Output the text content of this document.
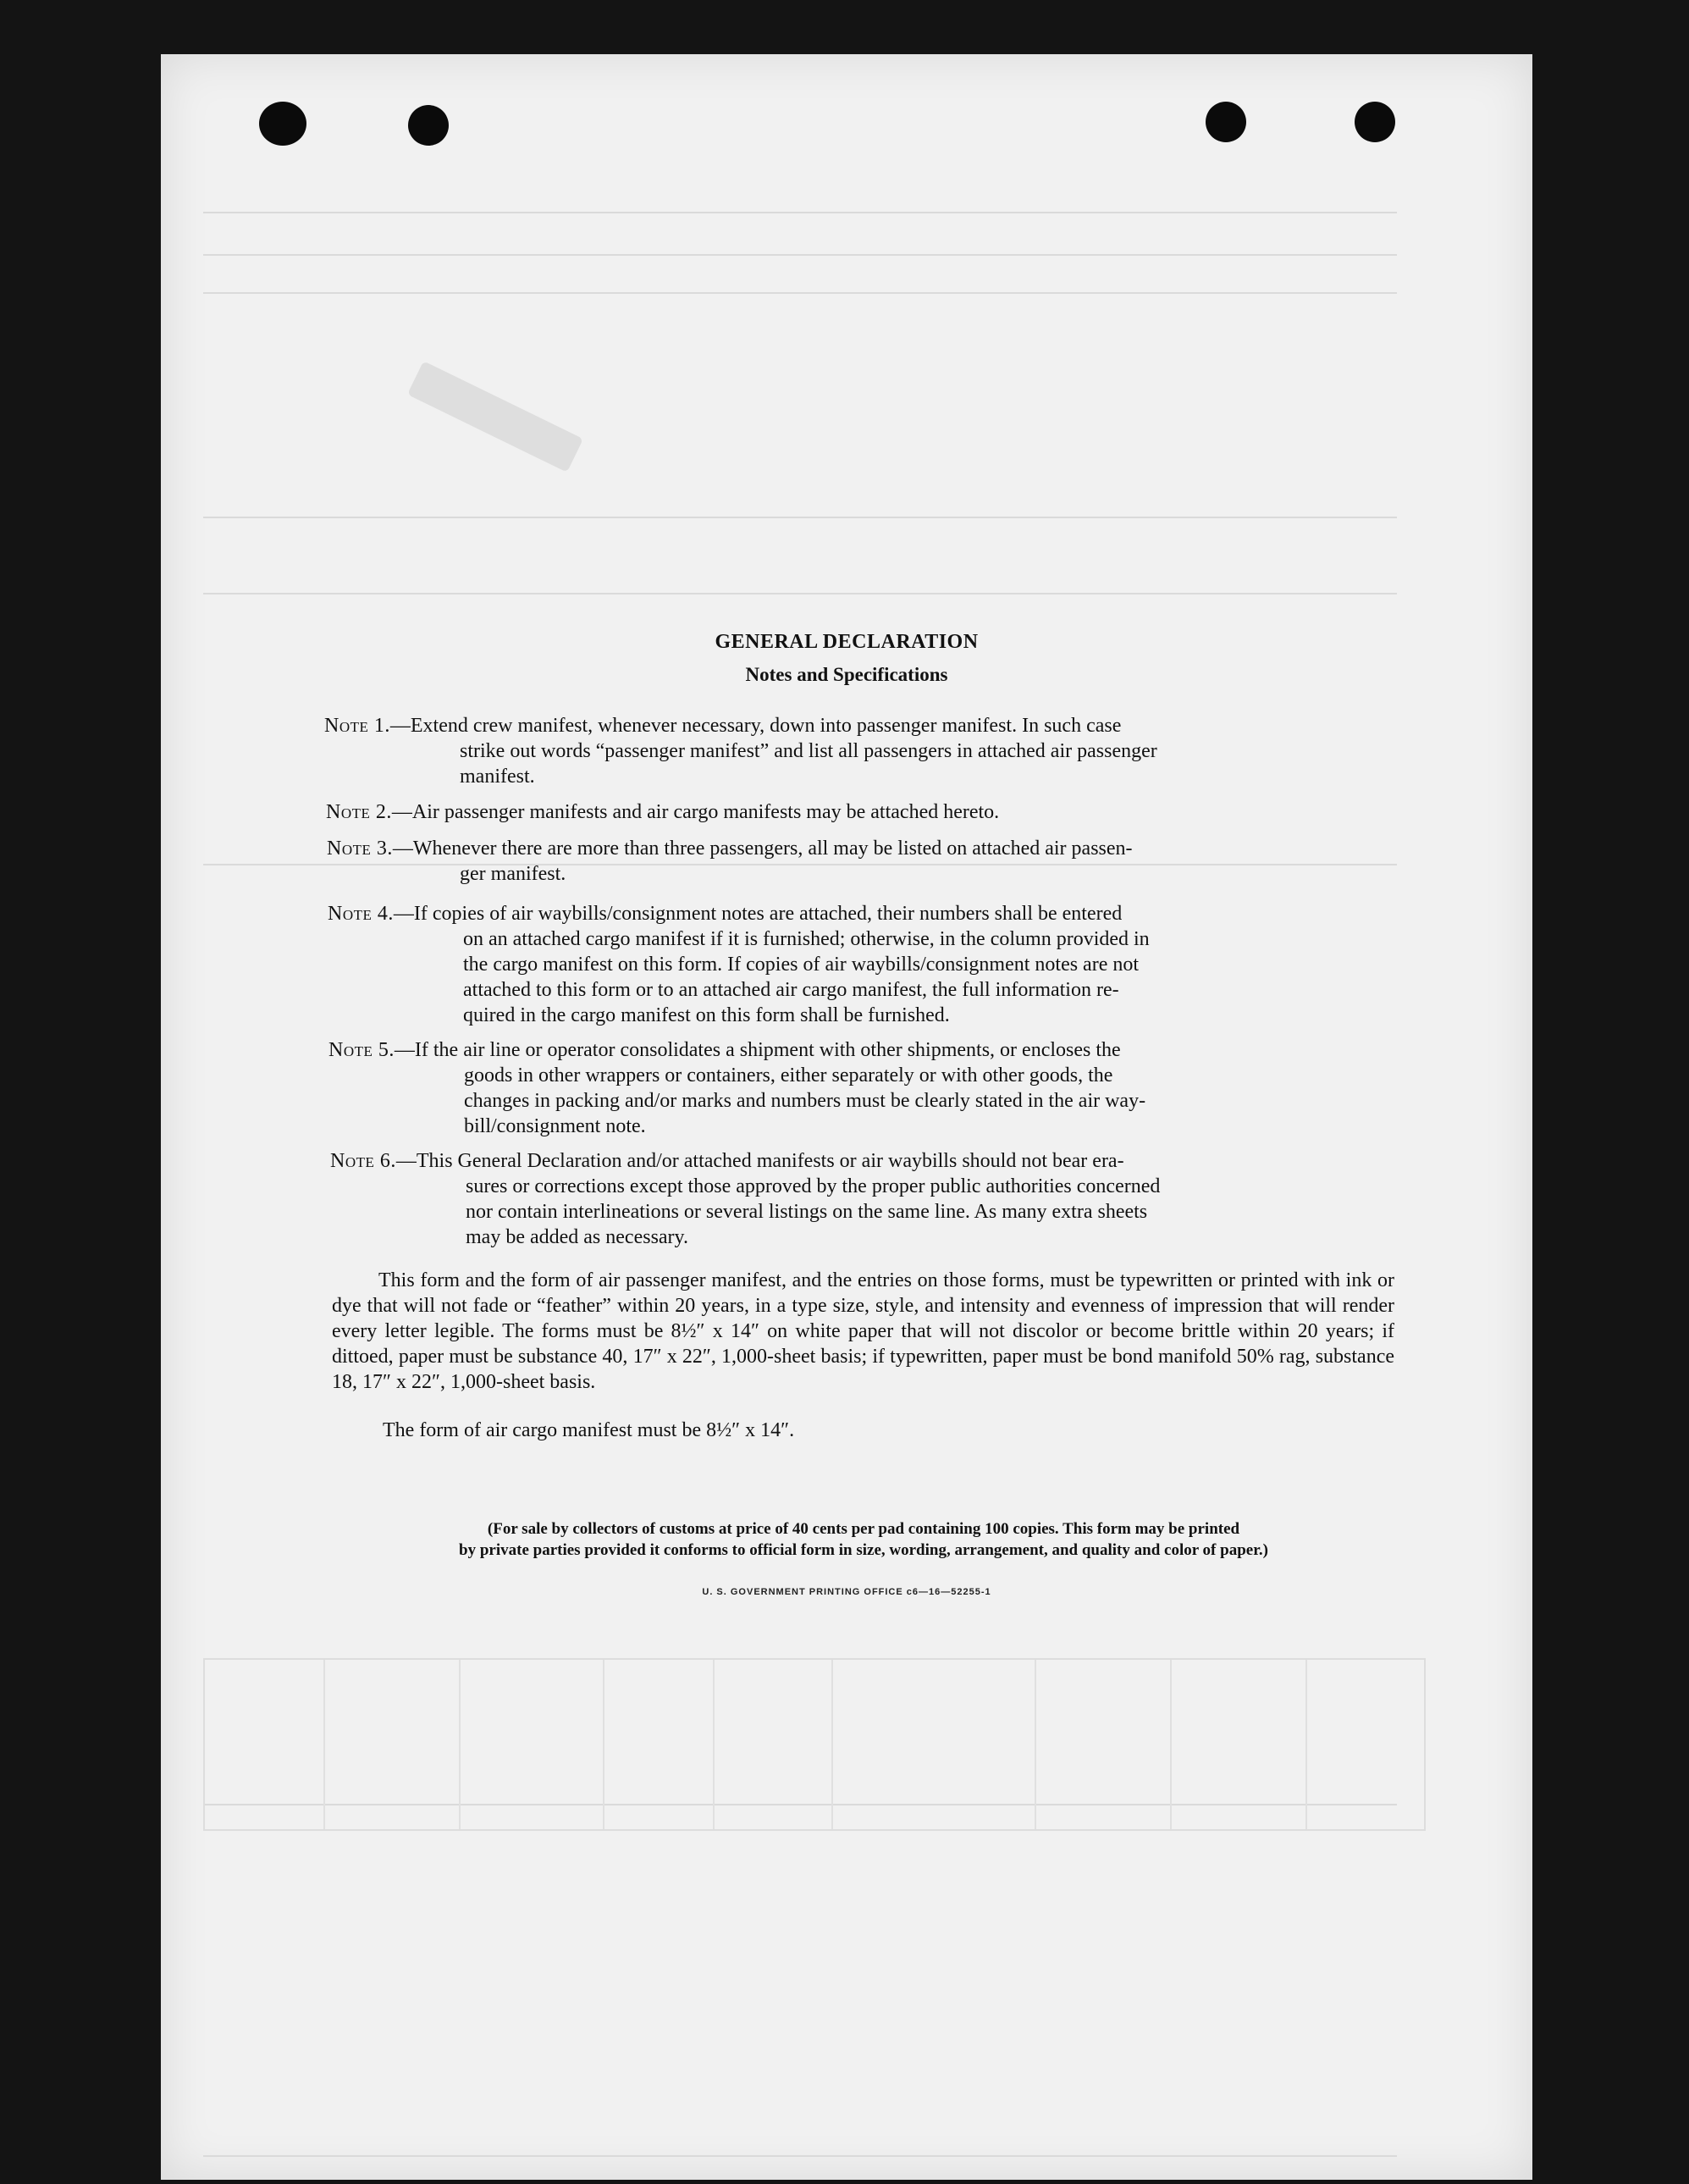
GENERAL DECLARATION
Notes and Specifications
Note 1.—Extend crew manifest, whenever necessary, down into passenger manifest. In such case
strike out words “passenger manifest” and list all passengers in attached air passenger
manifest.
Note 2.—Air passenger manifests and air cargo manifests may be attached hereto.
Note 3.—Whenever there are more than three passengers, all may be listed on attached air passen-
ger manifest.
Note 4.—If copies of air waybills/consignment notes are attached, their numbers shall be entered
on an attached cargo manifest if it is furnished; otherwise, in the column provided in
the cargo manifest on this form. If copies of air waybills/consignment notes are not
attached to this form or to an attached air cargo manifest, the full information re-
quired in the cargo manifest on this form shall be furnished.
Note 5.—If the air line or operator consolidates a shipment with other shipments, or encloses the
goods in other wrappers or containers, either separately or with other goods, the
changes in packing and/or marks and numbers must be clearly stated in the air way-
bill/consignment note.
Note 6.—This General Declaration and/or attached manifests or air waybills should not bear era-
sures or corrections except those approved by the proper public authorities concerned
nor contain interlineations or several listings on the same line. As many extra sheets
may be added as necessary.
This form and the form of air passenger manifest, and the entries on those forms, must be typewritten or printed with ink or dye that will not fade or “feather” within 20 years, in a type size, style, and intensity and evenness of impression that will render every letter legible. The forms must be 8½″ x 14″ on white paper that will not discolor or become brittle within 20 years; if dittoed, paper must be substance 40, 17″ x 22″, 1,000-sheet basis; if typewritten, paper must be bond manifold 50% rag, substance 18, 17″ x 22″, 1,000-sheet basis.
The form of air cargo manifest must be 8½″ x 14″.
(For sale by collectors of customs at price of 40 cents per pad containing 100 copies. This form may be printed
by private parties provided it conforms to official form in size, wording, arrangement, and quality and color of paper.)
U. S. GOVERNMENT PRINTING OFFICE c6—16—52255-1
